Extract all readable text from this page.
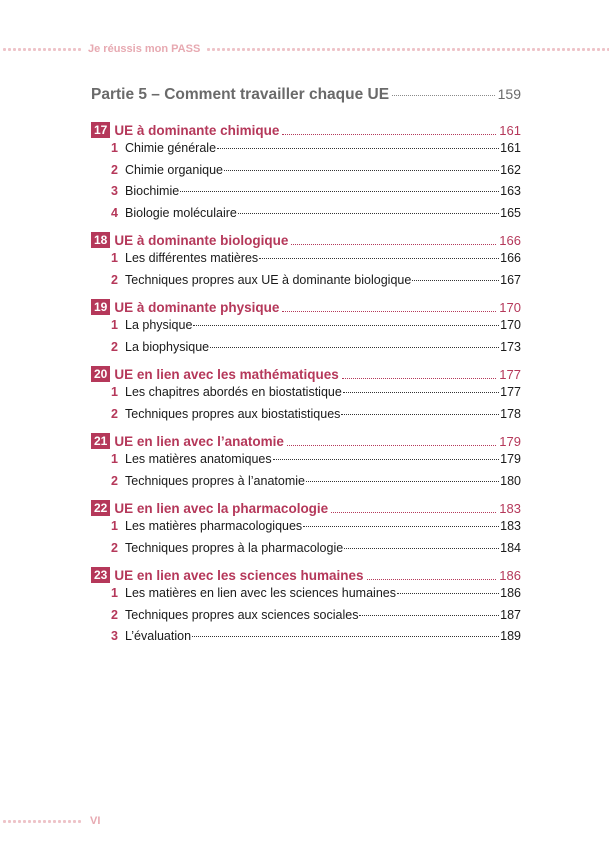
Je réussis mon PASS
Partie 5 – Comment travailler chaque UE	159
17 UE à dominante chimique	161
1 Chimie générale	161
2 Chimie organique	162
3 Biochimie	163
4 Biologie moléculaire	165
18 UE à dominante biologique	166
1 Les différentes matières	166
2 Techniques propres aux UE à dominante biologique	167
19 UE à dominante physique	170
1 La physique	170
2 La biophysique	173
20 UE en lien avec les mathématiques	177
1 Les chapitres abordés en biostatistique	177
2 Techniques propres aux biostatistiques	178
21 UE en lien avec l’anatomie	179
1 Les matières anatomiques	179
2 Techniques propres à l’anatomie	180
22 UE en lien avec la pharmacologie	183
1 Les matières pharmacologiques	183
2 Techniques propres à la pharmacologie	184
23 UE en lien avec les sciences humaines	186
1 Les matières en lien avec les sciences humaines	186
2 Techniques propres aux sciences sociales	187
3 L’évaluation	189
VI
